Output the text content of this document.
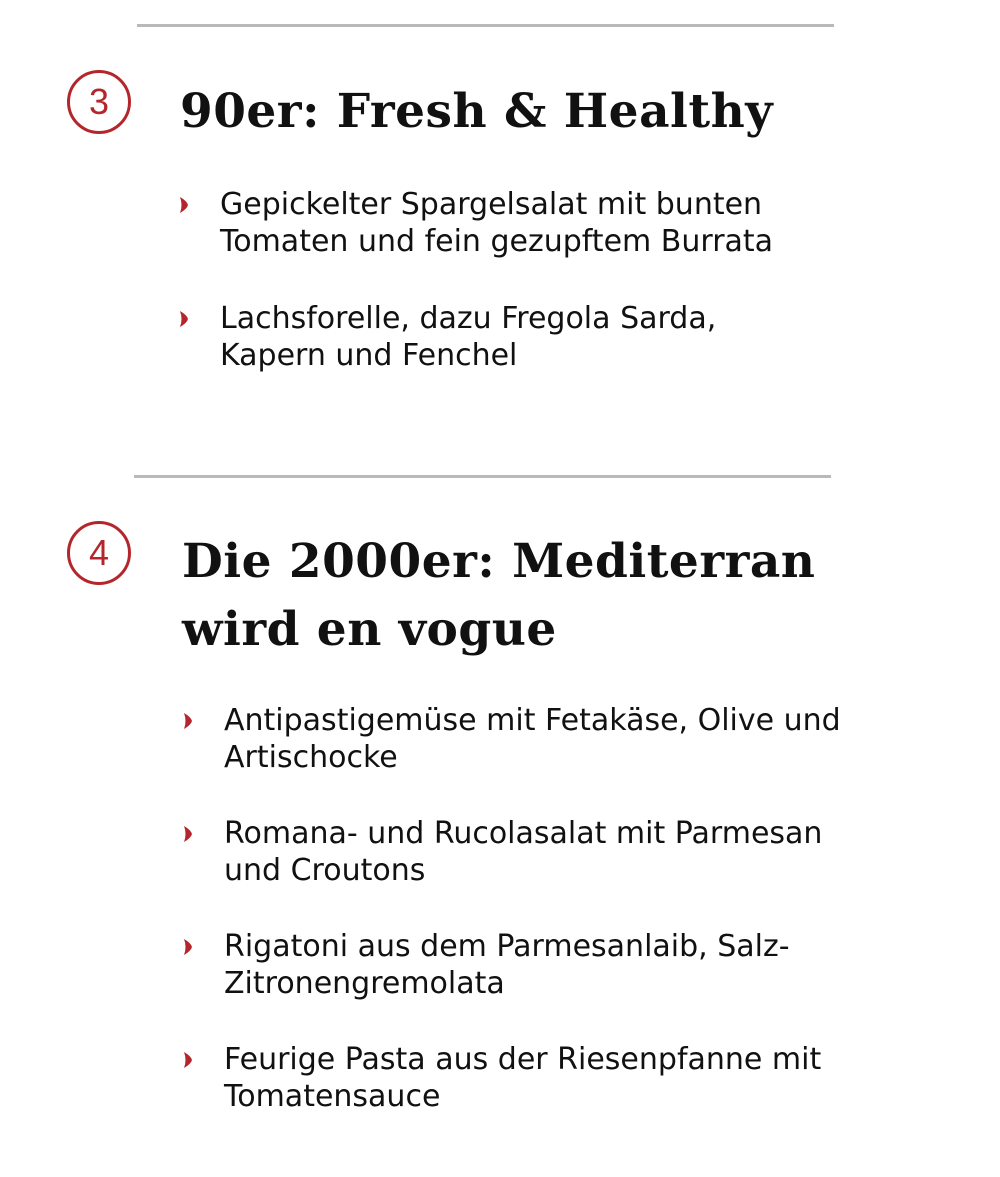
3 90er: Fresh & Healthy
Gepickelter Spargelsalat mit bunten Tomaten und fein gezupftem Burrata
Lachsforelle, dazu Fregola Sarda, Kapern und Fenchel
4 Die 2000er: Mediterran wird en vogue
Antipastigemüse mit Fetakäse, Olive und Artischocke
Romana- und Rucolasalat mit Parmesan und Croutons
Rigatoni aus dem Parmesanlaib, Salz-Zitronengremolata
Feurige Pasta aus der Riesenpfanne mit Tomatensauce
